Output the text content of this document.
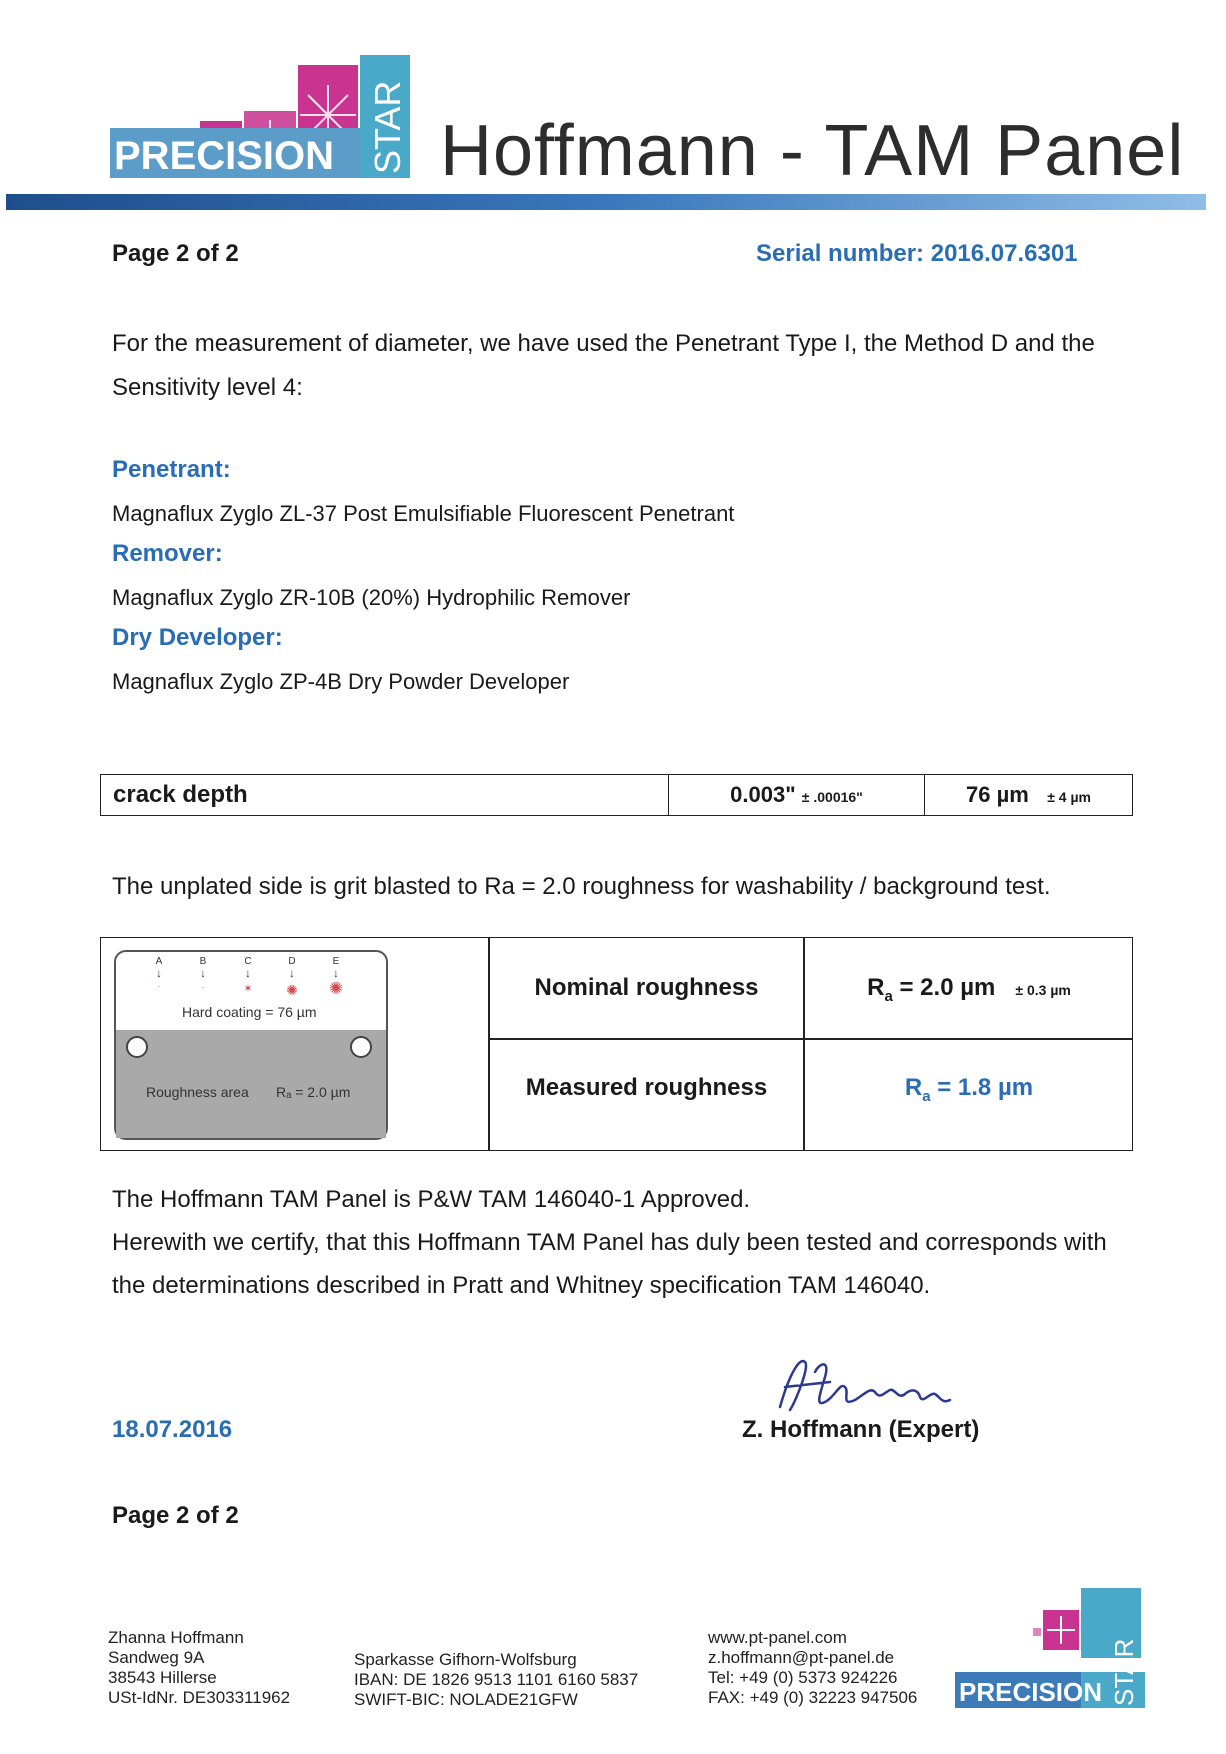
PRECISION STAR Hoffmann - TAM Panel
Page 2 of 2	Serial number: 2016.07.6301
For the measurement of diameter, we have used the Penetrant Type I, the Method D and the Sensitivity level 4:
Penetrant:
Magnaflux Zyglo ZL-37 Post Emulsifiable Fluorescent Penetrant
Remover:
Magnaflux Zyglo ZR-10B (20%) Hydrophilic Remover
Dry Developer:
Magnaflux Zyglo ZP-4B Dry Powder Developer
crack depth	0.003" ± .00016"	76 µm ± 4 µm
The unplated side is grit blasted to Ra = 2.0 roughness for washability / background test.
A	B	C	D	E
↓	↓	↓	↓	↓
·	·	✶	✺ ✺
Hard coating = 76 µm
Roughness area Rₐ = 2.0 µm
Nominal roughness	$R_a = 2.0$ µm ± 0.3 µm
Measured roughness	$R_a = 1.8$ µm
The Hoffmann TAM Panel is P&W TAM 146040-1 Approved.
Herewith we certify, that this Hoffmann TAM Panel has duly been tested and corresponds with the determinations described in Pratt and Whitney specification TAM 146040.
Hoffmann
18.07.2016	Z. Hoffmann (Expert)
Page 2 of 2
Zhanna Hoffmann
Sandweg 9A
38543 Hillerse
USt-IdNr. DE303311962
Sparkasse Gifhorn-Wolfsburg
IBAN: DE 1826 9513 1101 6160 5837
SWIFT-BIC: NOLADE21GFW
www.pt-panel.com
z.hoffmann@pt-panel.de
Tel: +49 (0) 5373 924226
FAX: +49 (0) 32223 947506 PRECISION STAR
